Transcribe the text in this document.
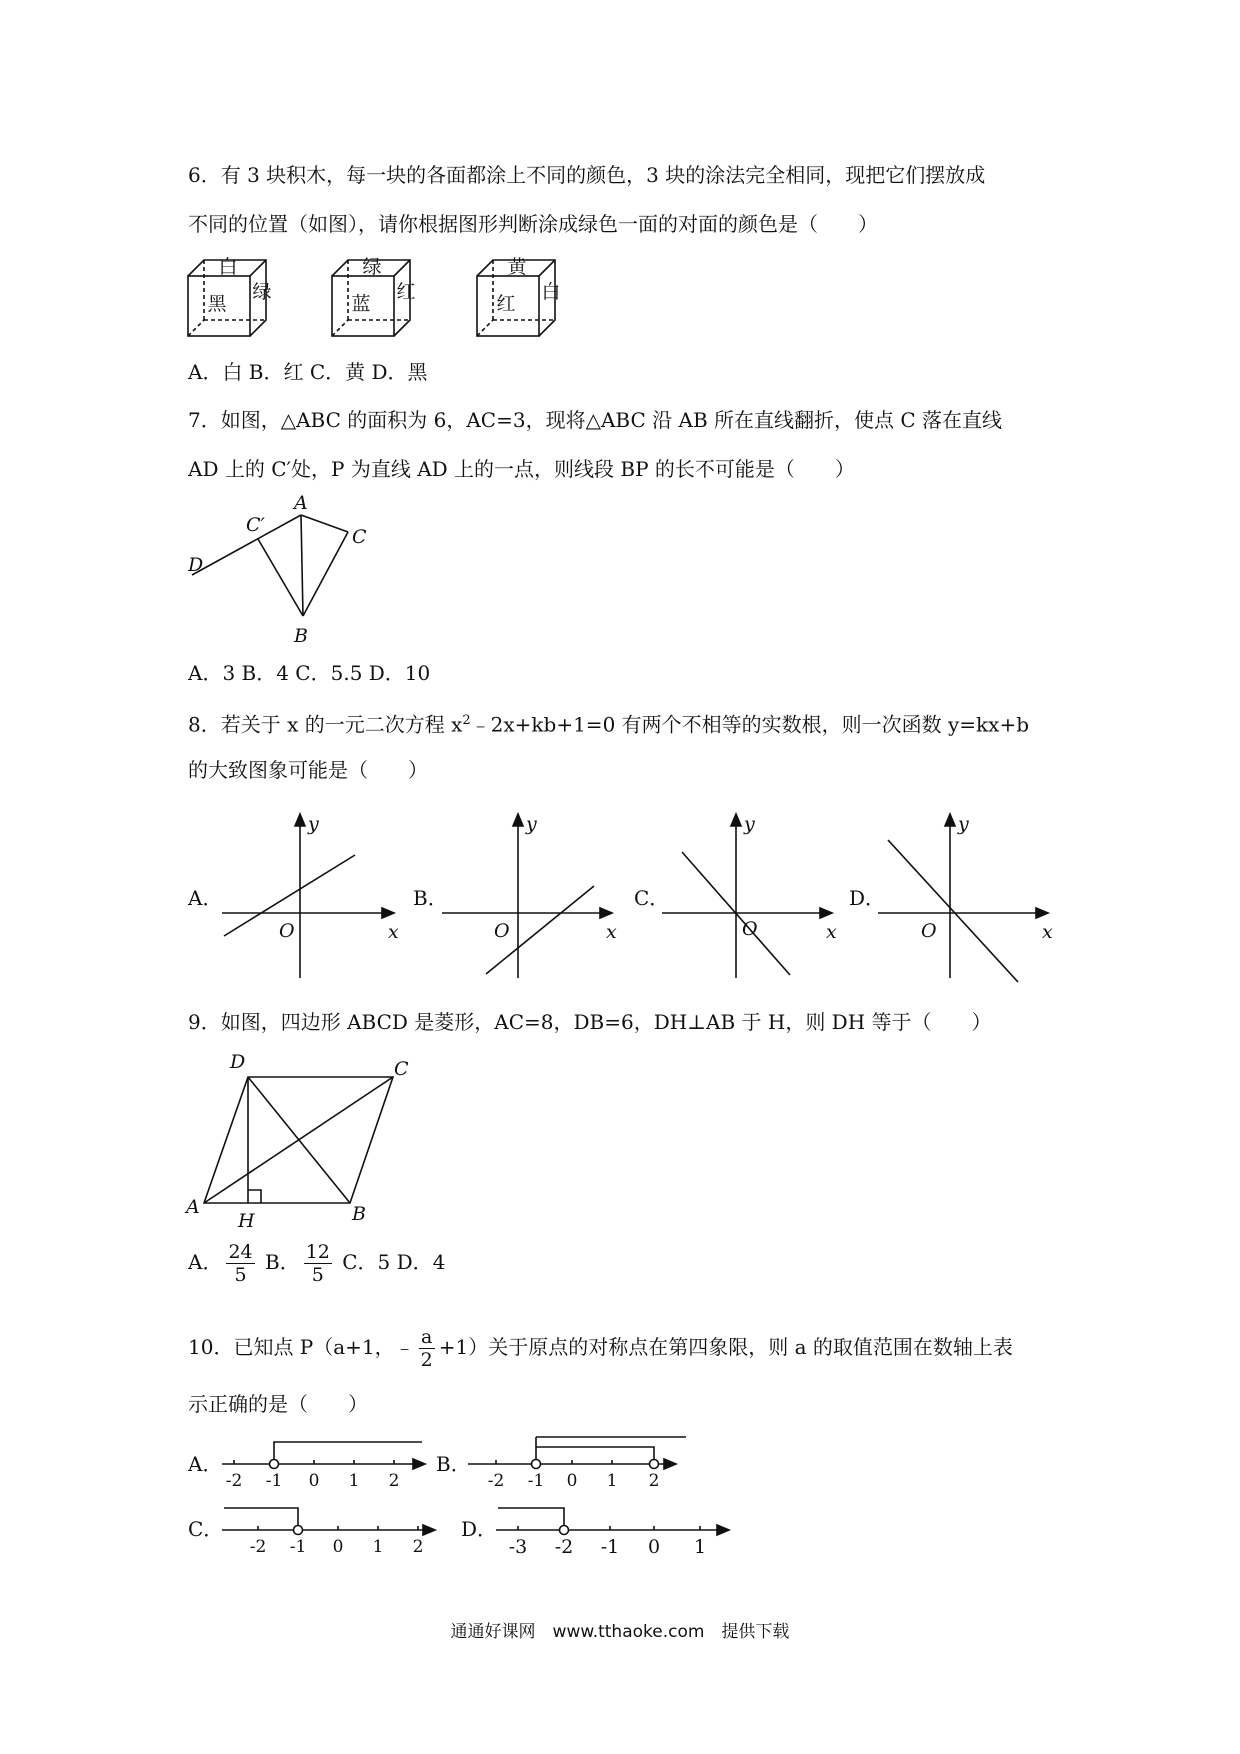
6．有 3 块积木，每一块的各面都涂上不同的颜色，3 块的涂法完全相同，现把它们摆放成
不同的位置（如图），请你根据图形判断涂成绿色一面的对面的颜色是（　　）
白
黑
绿
绿
蓝
红
黄
红
白
A．白 B．红 C．黄 D．黑
7．如图，△ABC 的面积为 6，AC=3，现将△ABC 沿 AB 所在直线翻折，使点 C 落在直线
AD 上的 C′处，P 为直线 AD 上的一点，则线段 BP 的长不可能是（　　）
A
B
C
C′
D
A．3 B．4 C．5.5 D．10
8．若关于 x 的一元二次方程 $x^2﹣2x+kb+1=0$ 有两个不相等的实数根，则一次函数 y=kx+b
的大致图象可能是（　　）
A．	B．	C．	D．
x
y
O	x
y
O	x
y
O	x
y
O
9．如图，四边形 ABCD 是菱形，AC=8，DB=6，DH⊥AB 于 H，则 DH 等于（　　）
A	B
C
D
H
A． $\frac{24}{5}$ B． $\frac{12}{5}$ C．5 D．4
10．已知点 P（a+1，﹣ $\frac{a}{2} +1$）关于原点的对称点在第四象限，则 a 的取值范围在数轴上表
示正确的是（　　）
A．	B．
C．	D．
-2 -1 0 1 2	-2 -1 0 1 2
-2 -1 0 1 2	-3 -2 -1 0 1
通通好课网　www.tthaoke.com　提供下载
